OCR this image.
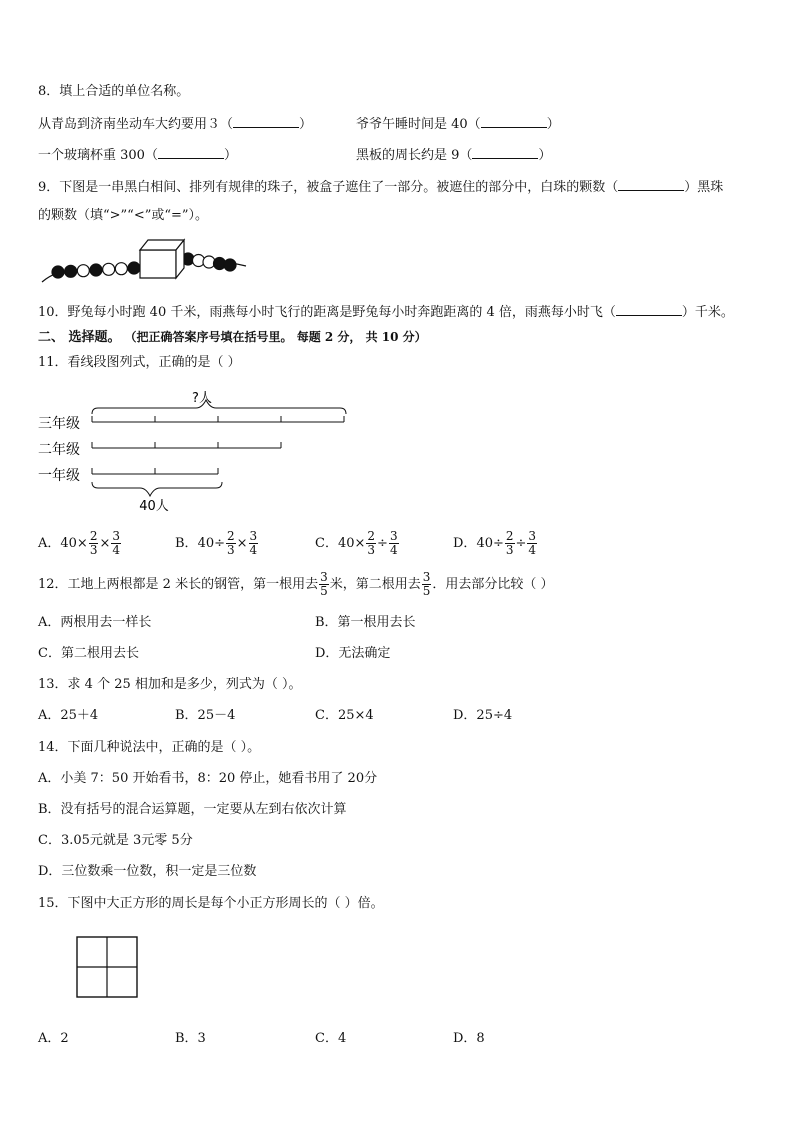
8．填上合适的单位名称。
从青岛到济南坐动车大约要用３（	）	爷爷午睡时间是 40（	）
一个玻璃杯重 300（	）	黑板的周长约是 9（	）
9．下图是一串黑白相间、排列有规律的珠子，被盒子遮住了一部分。被遮住的部分中，白珠的颗数（	）黑珠
的颗数（填“>”“<”或“=”）。
10．野兔每小时跑 40 千米，雨燕每小时飞行的距离是野兔每小时奔跑距离的 4 倍，雨燕每小时飞（	）千米。
二、 选择题。 （把正确答案序号填在括号里。 每题 2 分， 共 10 分）
11．看线段图列式，正确的是（ ）
?人
三年级
二年级
一年级
40人
A．$40\times \frac{2}{3} \times \frac{3}{4}$	B．$40\div \frac{2}{3} \times \frac{3}{4}$	C．$40\times \frac{2}{3} \div \frac{3}{4}$	D．$40\div \frac{2}{3} \div \frac{3}{4}$
12．工地上两根都是 2 米长的钢管，第一根用去 $\frac{3}{5}$ 米，第二根用去 $\frac{3}{5}$ ．用去部分比较（ ）
A．两根用去一样长	B．第一根用去长
C．第二根用去长	D．无法确定
13．求 4 个 25 相加和是多少，列式为（ ）。
A．25＋4	B．25－4	C．25×4	D．25÷4
14．下面几种说法中，正确的是（ ）。
A．小美 7：50 开始看书，8：20 停止，她看书用了 20分
B．没有括号的混合运算题，一定要从左到右依次计算
C．3.05元就是 3元零 5分
D．三位数乘一位数，积一定是三位数
15．下图中大正方形的周长是每个小正方形周长的（ ）倍。
A．2	B．3	C．4	D．8
